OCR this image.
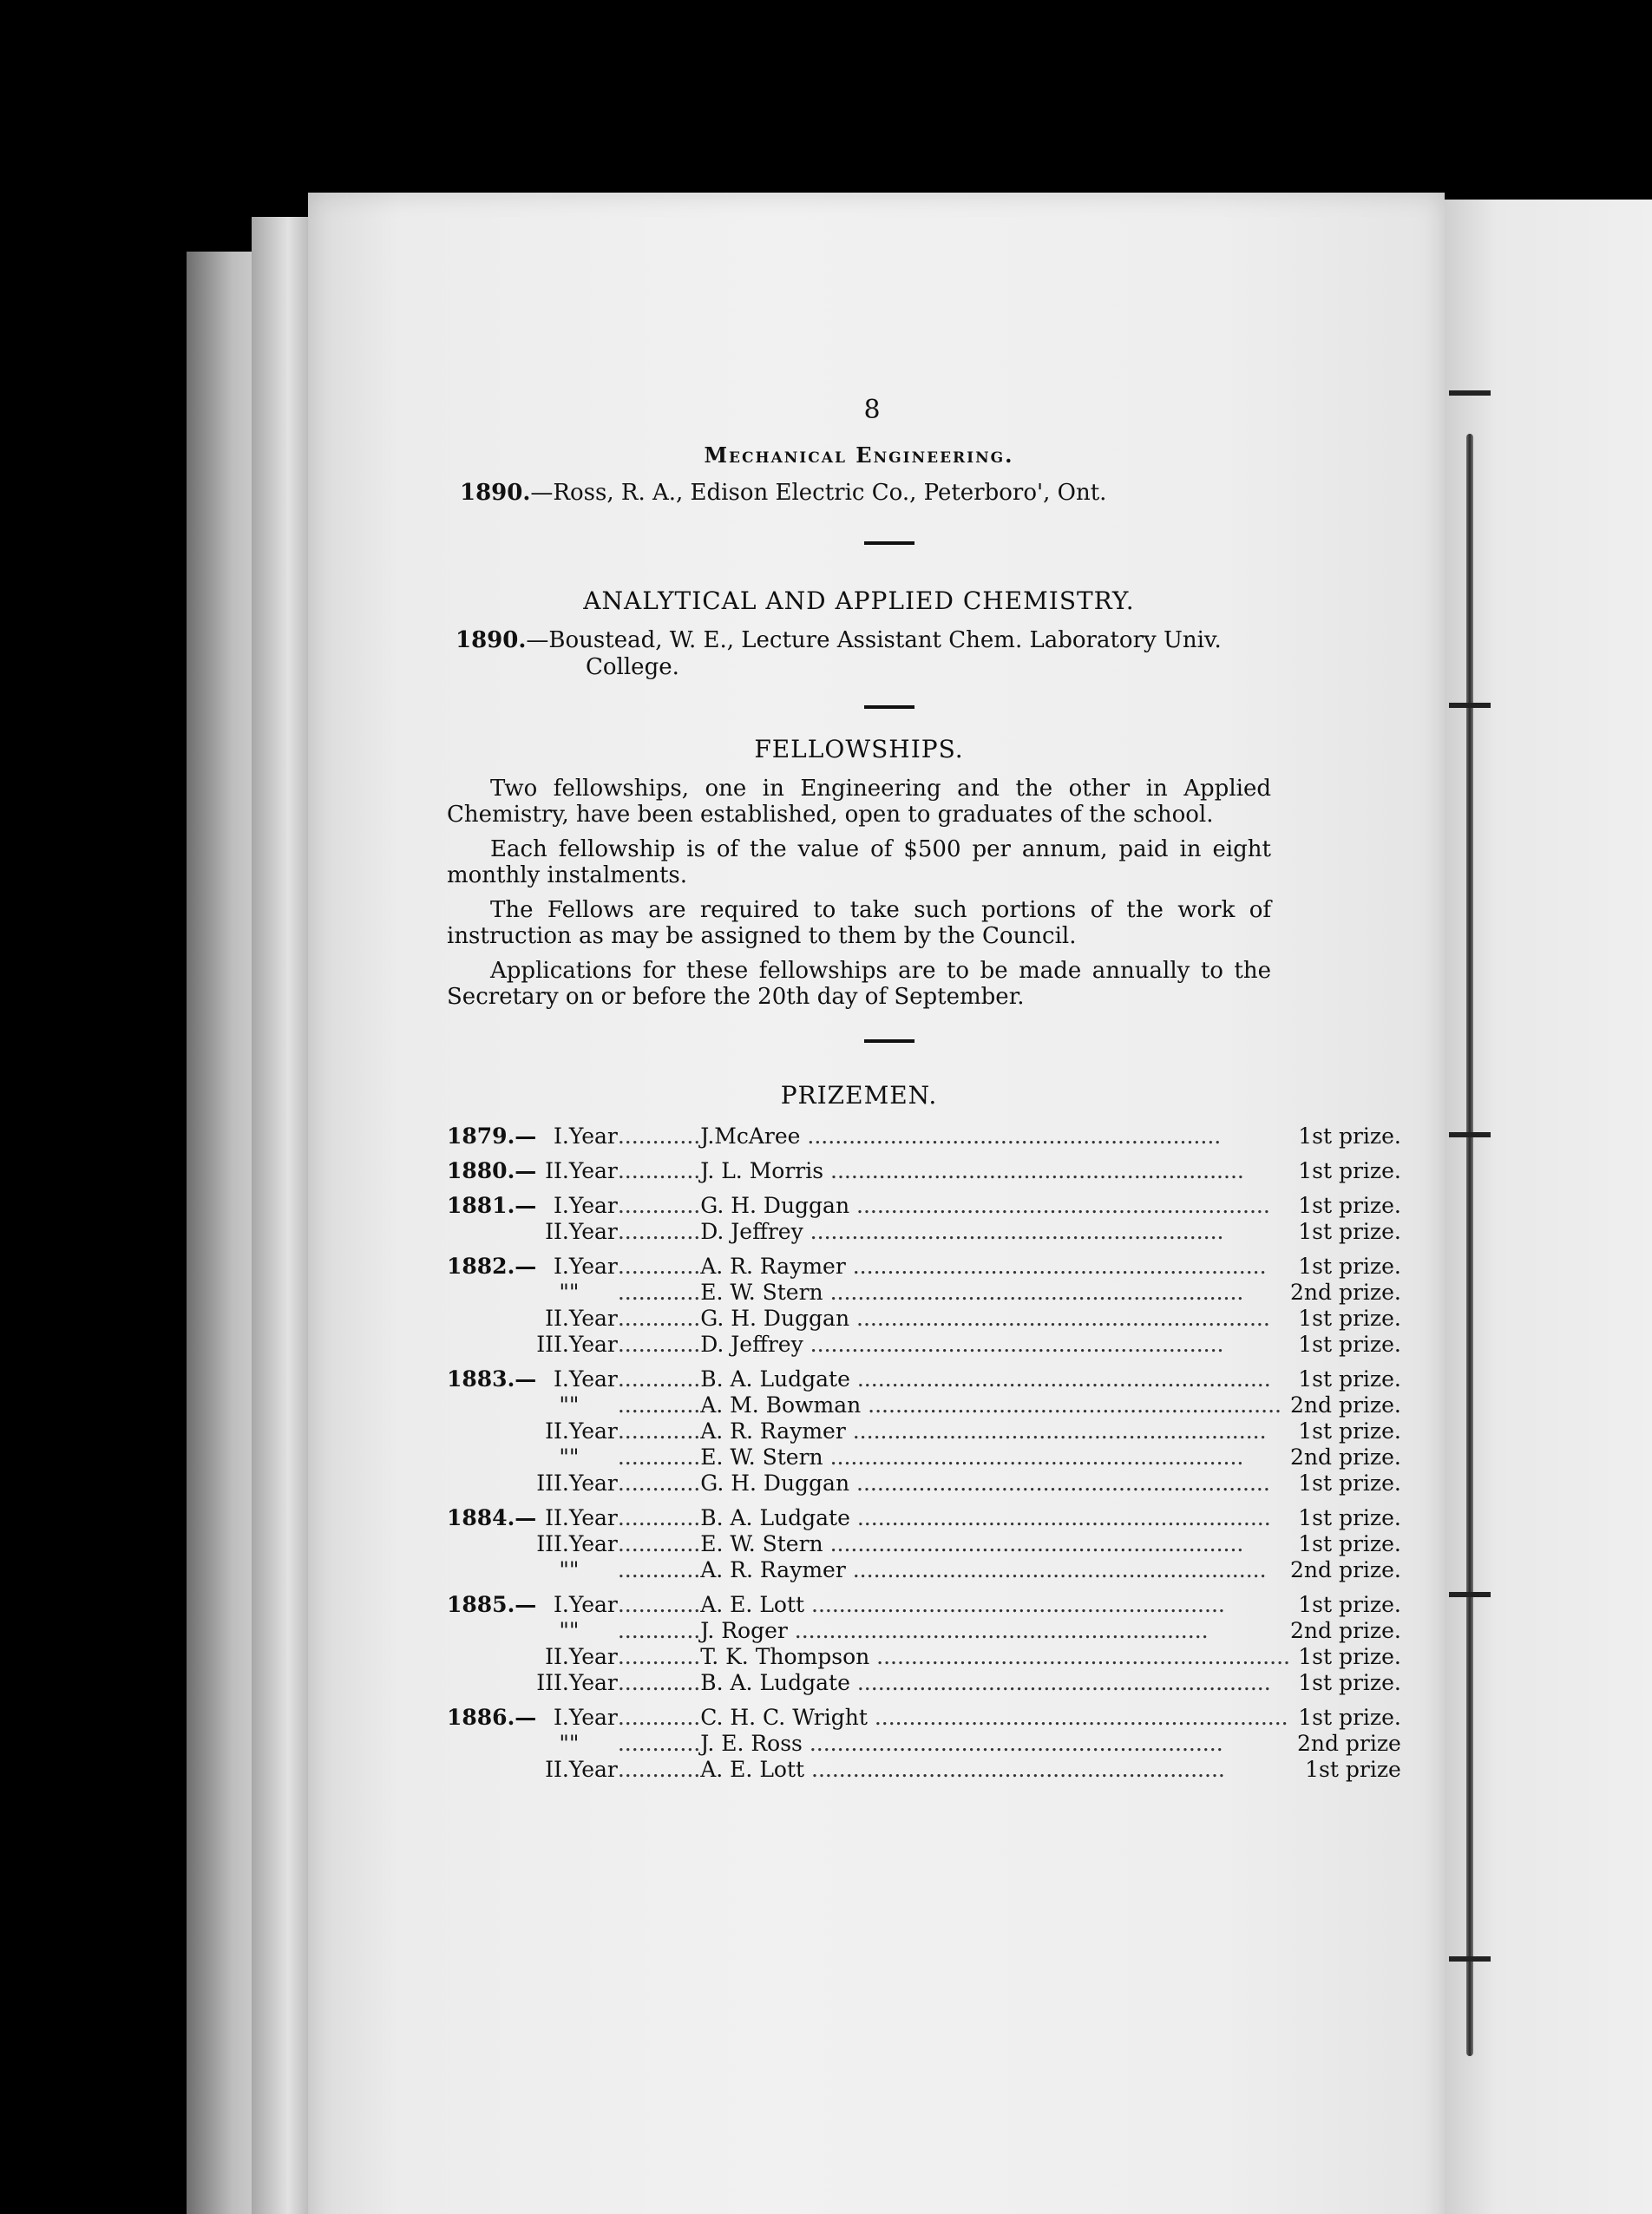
8
Mechanical Engineering.

1890.—Ross, R. A., Edison Electric Co., Peterboro', Ont.

ANALYTICAL AND APPLIED CHEMISTRY.

1890.—Boustead, W. E., Lecture Assistant Chem. Laboratory Univ.

College.

FELLOWSHIPS.

Two fellowships, one in Engineering and the other in Applied Chemistry, have been established, open to graduates of the school.

Each fellowship is of the value of $500 per annum, paid in eight monthly instalments.

The Fellows are required to take such portions of the work of instruction as may be assigned to them by the Council.

Applications for these fellowships are to be made annually to the Secretary on or before the 20th day of September.

PRIZEMEN.
1879.—	I.	Year	............J.McAree ............................................................	1st prize.
1880.—	II.	Year	............J. L. Morris ............................................................	1st prize.
1881.—	I.	Year	............G. H. Duggan ............................................................	1st prize.
	II.	Year	............D. Jeffrey ............................................................	1st prize.
1882.—	I.	Year	............A. R. Raymer ............................................................	1st prize.
	"	"	............E. W. Stern ............................................................	2nd prize.
	II.	Year	............G. H. Duggan ............................................................	1st prize.
	III.	Year	............D. Jeffrey ............................................................	1st prize.
1883.—	I.	Year	............B. A. Ludgate ............................................................	1st prize.
	"	"	............A. M. Bowman ............................................................	2nd prize.
	II.	Year	............A. R. Raymer ............................................................	1st prize.
	"	"	............E. W. Stern ............................................................	2nd prize.
	III.	Year	............G. H. Duggan ............................................................	1st prize.
1884.—	II.	Year	............B. A. Ludgate ............................................................	1st prize.
	III.	Year	............E. W. Stern ............................................................	1st prize.
	"	"	............A. R. Raymer ............................................................	2nd prize.
1885.—	I.	Year	............A. E. Lott ............................................................	1st prize.
	"	"	............J. Roger ............................................................	2nd prize.
	II.	Year	............T. K. Thompson ............................................................	1st prize.
	III.	Year	............B. A. Ludgate ............................................................	1st prize.
1886.—	I.	Year	............C. H. C. Wright ............................................................	1st prize.
	"	"	............J. E. Ross ............................................................	2nd prize
	II.	Year	............A. E. Lott ............................................................	1st prize
